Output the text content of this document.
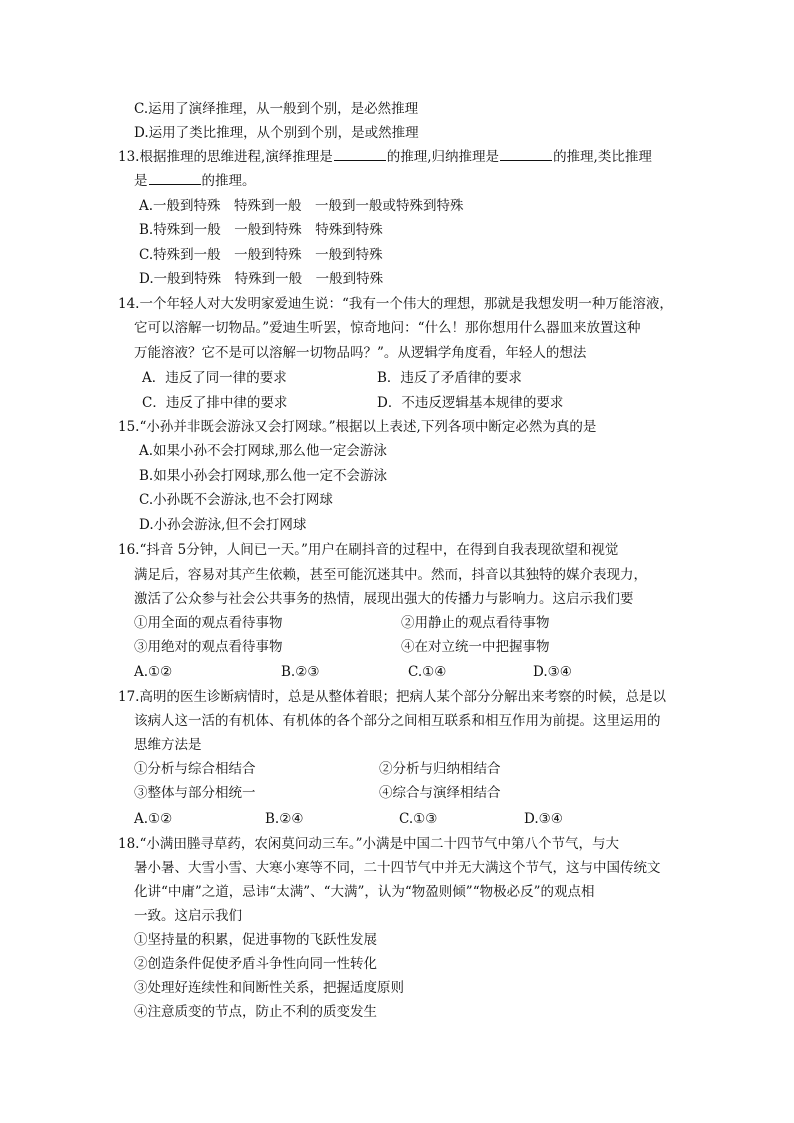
C.运用了演绎推理，从一般到个别，是必然推理
D.运用了类比推理，从个别到个别，是或然推理
13.根据推理的思维进程,演绎推理是	的推理,归纳推理是	的推理,类比推理
是	的推理。
A.一般到特殊　特殊到一般　一般到一般或特殊到特殊
B.特殊到一般　一般到特殊　特殊到特殊
C.特殊到一般　一般到特殊　一般到特殊
D.一般到特殊　特殊到一般　一般到特殊
14.一个年轻人对大发明家爱迪生说：“我有一个伟大的理想，那就是我想发明一种万能溶液，
它可以溶解一切物品。”爱迪生听罢，惊奇地问：“什么！那你想用什么器皿来放置这种
万能溶液？它不是可以溶解一切物品吗？”。从逻辑学角度看，年轻人的想法
A．违反了同一律的要求	B．违反了矛盾律的要求
C．违反了排中律的要求	D．不违反逻辑基本规律的要求
15.“小孙并非既会游泳又会打网球。”根据以上表述,下列各项中断定必然为真的是
A.如果小孙不会打网球,那么他一定会游泳
B.如果小孙会打网球,那么他一定不会游泳
C.小孙既不会游泳,也不会打网球
D.小孙会游泳,但不会打网球
16.“抖音 5分钟，人间已一天。”用户在刷抖音的过程中，在得到自我表现欲望和视觉
满足后，容易对其产生依赖，甚至可能沉迷其中。然而，抖音以其独特的媒介表现力，
激活了公众参与社会公共事务的热情，展现出强大的传播力与影响力。这启示我们要
①用全面的观点看待事物	②用静止的观点看待事物
③用绝对的观点看待事物	④在对立统一中把握事物
A.①②	B.②③	C.①④	D.③④
17.高明的医生诊断病情时，总是从整体着眼；把病人某个部分分解出来考察的时候，总是以
该病人这一活的有机体、有机体的各个部分之间相互联系和相互作用为前提。这里运用的
思维方法是
①分析与综合相结合	②分析与归纳相结合
③整体与部分相统一	④综合与演绎相结合
A.①②	B.②④	C.①③	D.③④
18.“小满田塍寻草药，农闲莫问动三车。”小满是中国二十四节气中第八个节气，与大
暑小暑、大雪小雪、大寒小寒等不同，二十四节气中并无大满这个节气，这与中国传统文
化讲“中庸”之道，忌讳“太满”、“大满”，认为“物盈则倾”“物极必反”的观点相
一致。这启示我们
①坚持量的积累，促进事物的飞跃性发展
②创造条件促使矛盾斗争性向同一性转化
③处理好连续性和间断性关系，把握适度原则
④注意质变的节点，防止不利的质变发生
